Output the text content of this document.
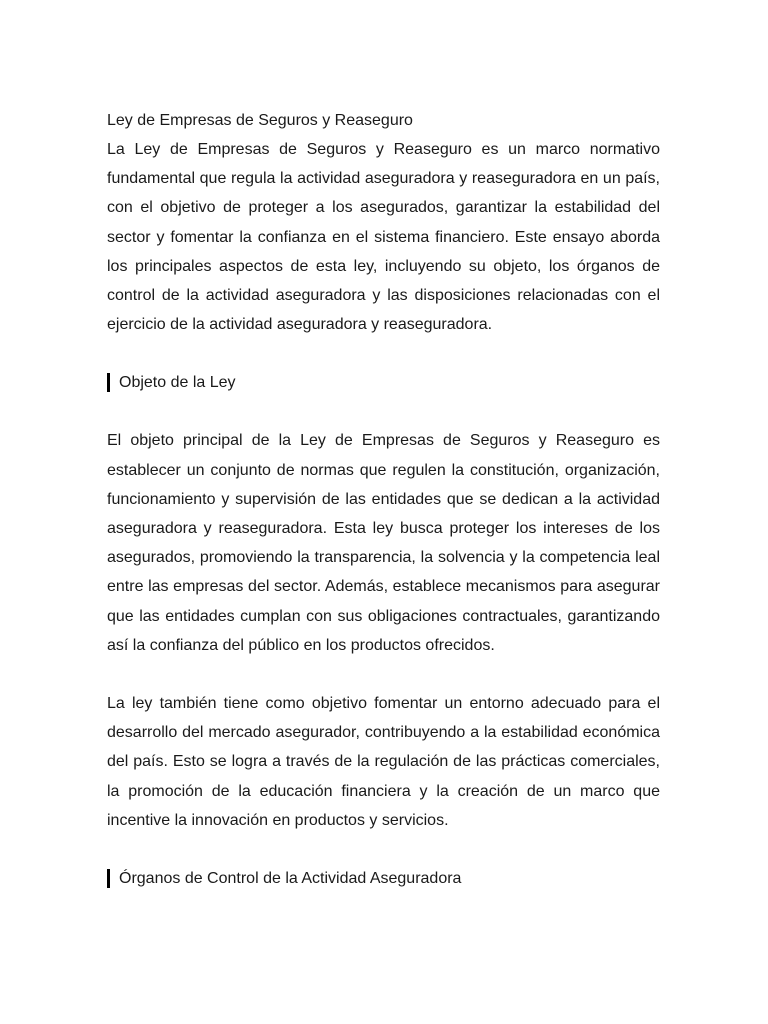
Ley de Empresas de Seguros y Reaseguro

La Ley de Empresas de Seguros y Reaseguro es un marco normativo fundamental que regula la actividad aseguradora y reaseguradora en un país, con el objetivo de proteger a los asegurados, garantizar la estabilidad del sector y fomentar la confianza en el sistema financiero. Este ensayo aborda los principales aspectos de esta ley, incluyendo su objeto, los órganos de control de la actividad aseguradora y las disposiciones relacionadas con el ejercicio de la actividad aseguradora y reaseguradora.

Objeto de la Ley

El objeto principal de la Ley de Empresas de Seguros y Reaseguro es establecer un conjunto de normas que regulen la constitución, organización, funcionamiento y supervisión de las entidades que se dedican a la actividad aseguradora y reaseguradora. Esta ley busca proteger los intereses de los asegurados, promoviendo la transparencia, la solvencia y la competencia leal entre las empresas del sector. Además, establece mecanismos para asegurar que las entidades cumplan con sus obligaciones contractuales, garantizando así la confianza del público en los productos ofrecidos.

La ley también tiene como objetivo fomentar un entorno adecuado para el desarrollo del mercado asegurador, contribuyendo a la estabilidad económica del país. Esto se logra a través de la regulación de las prácticas comerciales, la promoción de la educación financiera y la creación de un marco que incentive la innovación en productos y servicios.

Órganos de Control de la Actividad Aseguradora
